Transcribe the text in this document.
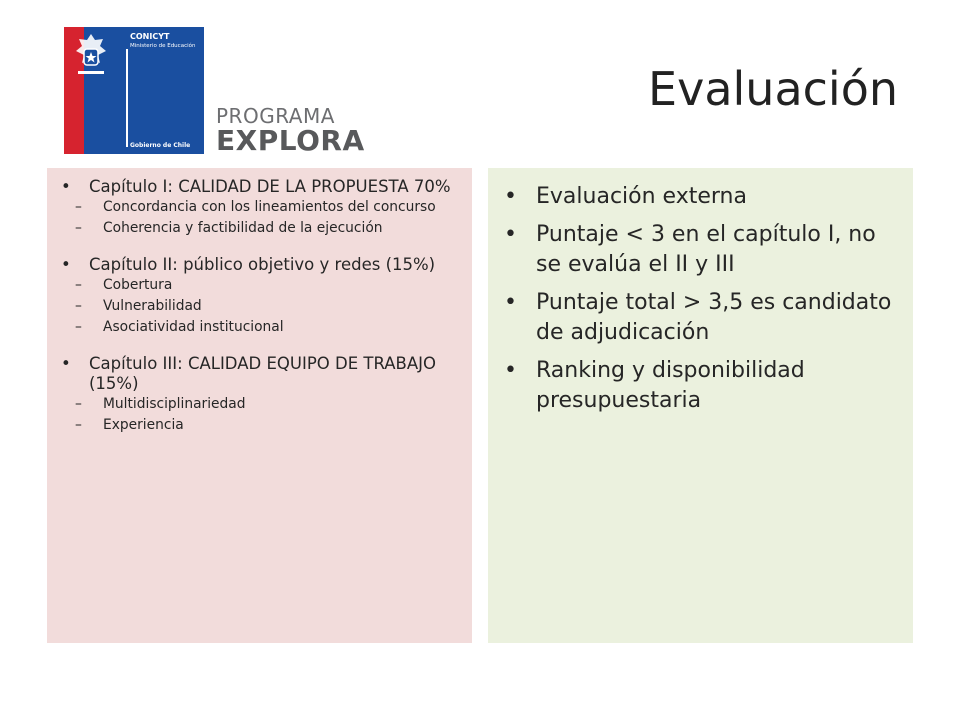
CONICYT
Ministerio de Educación
Gobierno de Chile
PROGRAMA
EXPLORA
Evaluación
• Capítulo I: CALIDAD DE LA PROPUESTA 70%
– Concordancia con los lineamientos del concurso
– Coherencia y factibilidad de la ejecución
• Capítulo II: público objetivo y redes (15%)
– Cobertura
– Vulnerabilidad
– Asociatividad institucional
• Capítulo III: CALIDAD EQUIPO DE TRABAJO (15%)
– Multidisciplinariedad
– Experiencia
• Evaluación externa
• Puntaje < 3 en el capítulo I, no se evalúa el II y III
• Puntaje total > 3,5 es candidato de adjudicación
• Ranking y disponibilidad presupuestaria
